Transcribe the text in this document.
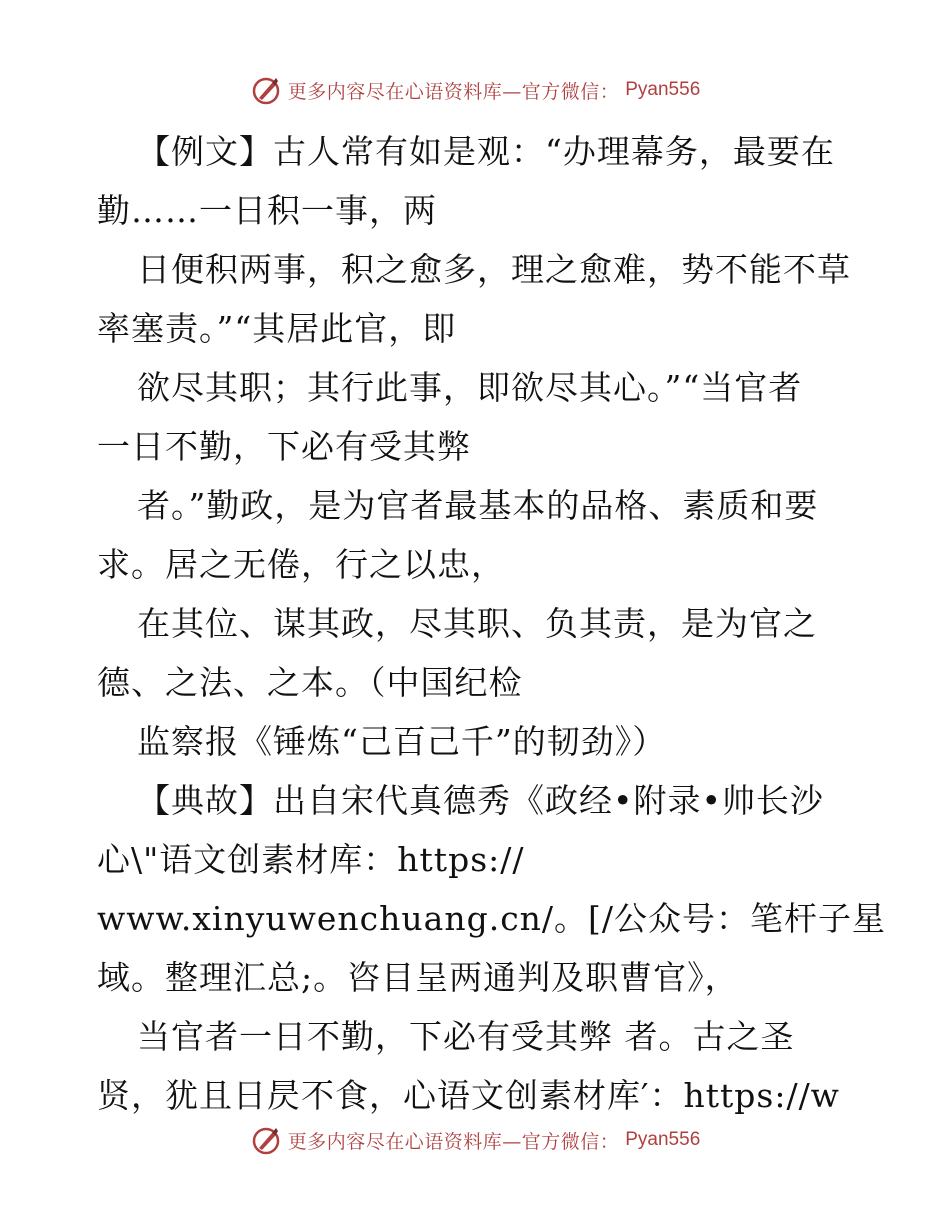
更多内容尽在心语资料库—官方微信： Pyan556
【例文】古人常有如是观：“办理幕务，最要在
勤……一日积一事，两
日便积两事，积之愈多，理之愈难，势不能不草
率塞责。”“其居此官，即
欲尽其职；其行此事，即欲尽其心。”“当官者
一日不勤，下必有受其弊
者。”勤政，是为官者最基本的品格、素质和要
求。居之无倦，行之以忠，
在其位、谋其政，尽其职、负其责，是为官之
德、之法、之本。（中国纪检
监察报《锤炼“己百己千”的韧劲》）
【典故】出自宋代真德秀《政经•附录•帅长沙
心\"语文创素材库：https://
www.xinyuwenchuang.cn/。[/公众号：笔杆子星
域。整理汇总;。咨目呈两通判及职曹官》，
当官者一日不勤，下必有受其弊 者。古之圣
贤，犹且日昃不食，心语文创素材库′：https://w
更多内容尽在心语资料库—官方微信： Pyan556
